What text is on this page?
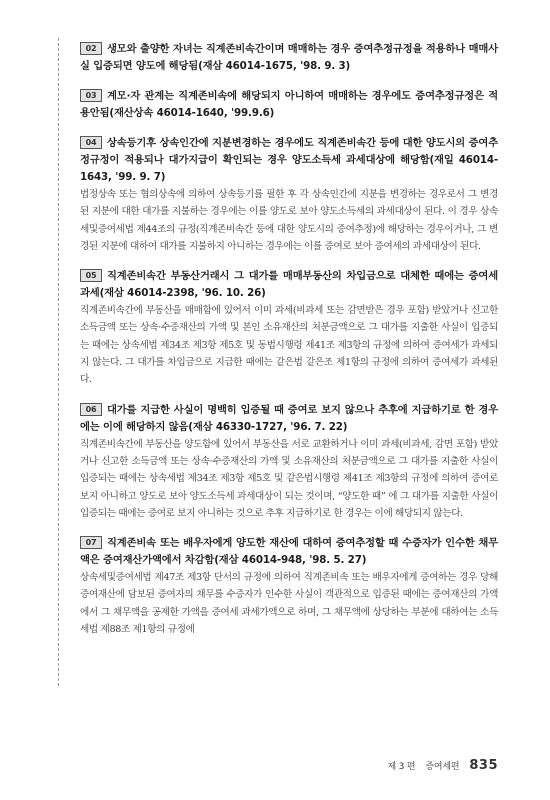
02 생모와 출양한 자녀는 직계존비속간이며 매매하는 경우 증여추정규정을 적용하나 매매사실 입증되면 양도에 해당됨(재삼 46014-1675, '98. 9. 3)
03 계모·자 관계는 직계존비속에 해당되지 아니하여 매매하는 경우에도 증여추정규정은 적용안됨(재산상속 46014-1640, '99.9.6)
04 상속등기후 상속인간에 지분변경하는 경우에도 직계존비속간 등에 대한 양도시의 증여추정규정이 적용되나 대가지급이 확인되는 경우 양도소득세 과세대상에 해당함(재일 46014-1643, '99. 9. 7)

법정상속 또는 협의상속에 의하여 상속등기를 필한 후 각 상속인간에 지분을 변경하는 경우로서 그 변경된 지분에 대한 대가를 지불하는 경우에는 이를 양도로 보아 양도소득세의 과세대상이 된다. 이 경우 상속세및증여세법 제44조의 규정(직계존비속간 등에 대한 양도시의 증여추정)에 해당하는 경우이거나, 그 변경된 지분에 대하여 대가를 지불하지 아니하는 경우에는 이를 증여로 보아 증여세의 과세대상이 된다.

05 직계존비속간 부동산거래시 그 대가를 매매부동산의 차입금으로 대체한 때에는 증여세 과세(재삼 46014-2398, '96. 10. 26)

직계존비속간에 부동산을 매매함에 있어서 이미 과세(비과세 또는 감면받은 경우 포함) 받았거나 신고한 소득금액 또는 상속·수증재산의 가액 및 본인 소유재산의 처분금액으로 그 대가를 지출한 사실이 입증되는 때에는 상속세법 제34조 제3항 제5호 및 동법시행령 제41조 제3항의 규정에 의하여 증여세가 과세되지 않는다. 그 대가를 차입금으로 지급한 때에는 같은법 같은조 제1항의 규정에 의하여 증여세가 과세된다.

06 대가를 지급한 사실이 명백히 입증될 때 증여로 보지 않으나 추후에 지급하기로 한 경우에는 이에 해당하지 않음(재삼 46330-1727, '96. 7. 22)

직계존비속간에 부동산을 양도함에 있어서 부동산을 서로 교환하거나 이미 과세(비과세, 감면 포함) 받았거나 신고한 소득금액 또는 상속·수증재산의 가액 및 소유재산의 처분금액으로 그 대가를 지출한 사실이 입증되는 때에는 상속세법 제34조 제3항 제5호 및 같은법시행령 제41조 제3항의 규정에 의하여 증여로 보지 아니하고 양도로 보아 양도소득세 과세대상이 되는 것이며, “양도한 때” 에 그 대가를 지출한 사실이 입증되는 때에는 증여로 보지 아니하는 것으로 추후 지급하기로 한 경우는 이에 해당되지 않는다.

07 직계존비속 또는 배우자에게 양도한 재산에 대하여 증여추정할 때 수증자가 인수한 채무액은 증여재산가액에서 차감함(재삼 46014-948, '98. 5. 27)

상속세및증여세법 제47조 제3항 단서의 규정에 의하여 직계존비속 또는 배우자에게 증여하는 경우 당해 증여재산에 담보된 증여자의 채무를 수증자가 인수한 사실이 객관적으로 입증된 때에는 증여재산의 가액에서 그 채무액을 공제한 가액을 증여세 과세가액으로 하며, 그 채무액에 상당하는 부분에 대하여는 소득세법 제88조 제1항의 규정에

제 3 편 증여세편 835
